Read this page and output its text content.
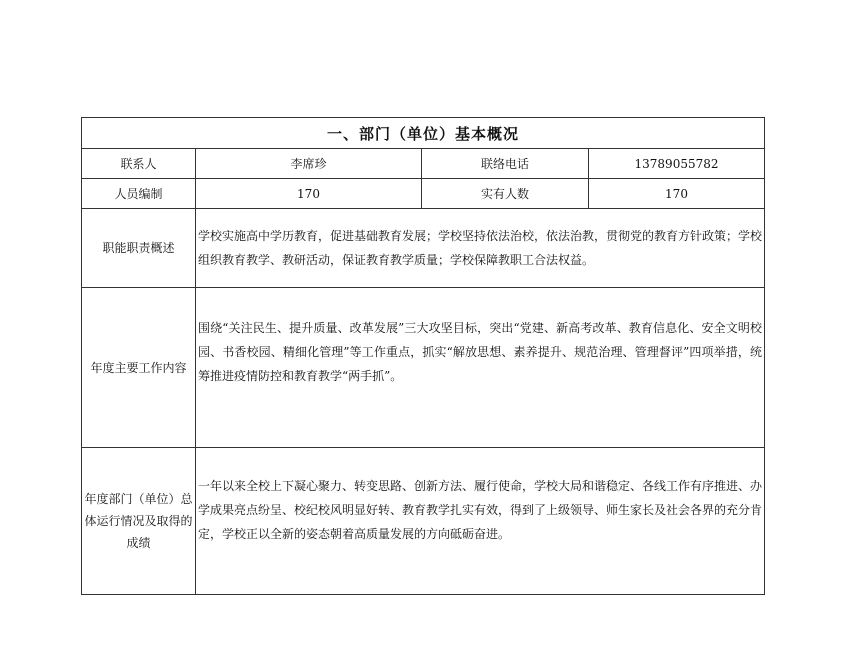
一、部门（单位）基本概况			
联系人	李席珍	联络电话	13789055782
人员编制	170	实有人数	170
职能职责概述	学校实施高中学历教育，促进基础教育发展；学校坚持依法治校，依法治教，贯彻党的教育方针政策；学校组织教育教学、教研活动，保证教育教学质量；学校保障教职工合法权益。		
年度主要工作内容	围绕“关注民生、提升质量、改革发展”三大攻坚目标，突出“党建、新高考改革、教育信息化、安全文明校园、书香校园、精细化管理”等工作重点，抓实“解放思想、素养提升、规范治理、管理督评”四项举措，统筹推进疫情防控和教育教学“两手抓”。		
年度部门（单位）总体运行情况及取得的成绩	一年以来全校上下凝心聚力、转变思路、创新方法、履行使命，学校大局和谐稳定、各线工作有序推进、办学成果亮点纷呈、校纪校风明显好转、教育教学扎实有效，得到了上级领导、师生家长及社会各界的充分肯定，学校正以全新的姿态朝着高质量发展的方向砥砺奋进。		
